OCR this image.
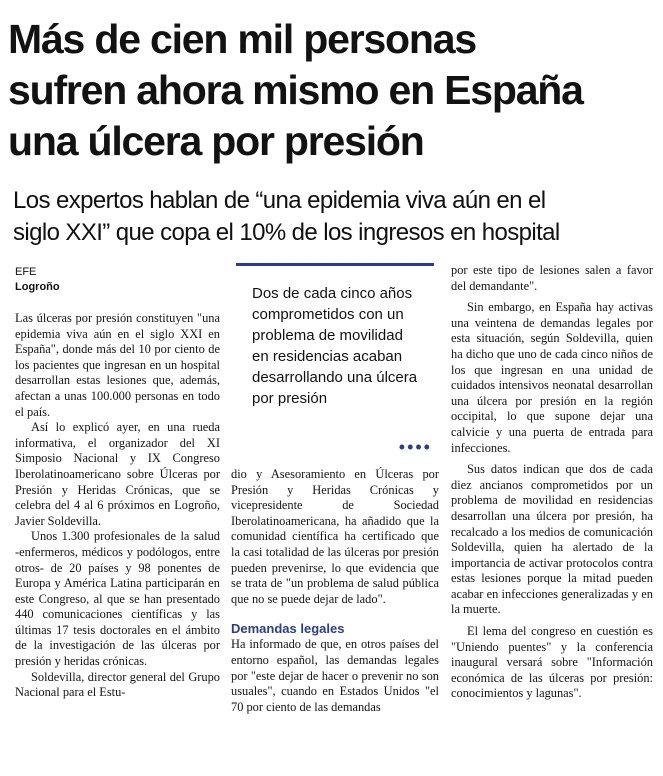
Más de cien mil personas
sufren ahora mismo en España
una úlcera por presión
Los expertos hablan de “una epidemia viva aún en el
siglo XXI” que copa el 10% de los ingresos en hospital
EFE
Logroño

Las úlceras por presión constituyen "una epidemia viva aún en el siglo XXI en España", donde más del 10 por ciento de los pacientes que ingresan en un hospital desarrollan estas lesiones que, además, afectan a unas 100.000 personas en todo el país.

Así lo explicó ayer, en una rueda informativa, el organizador del XI Simposio Nacional y IX Congreso Iberolatinoamericano sobre Úlceras por Presión y Heridas Crónicas, que se celebra del 4 al 6 próximos en Logroño, Javier Soldevilla.

Unos 1.300 profesionales de la salud -enfermeros, médicos y podólogos, entre otros- de 20 países y 98 ponentes de Europa y América Latina participarán en este Congreso, al que se han presentado 440 comunicaciones científicas y las últimas 17 tesis doctorales en el ámbito de la investigación de las úlceras por presión y heridas crónicas.

Soldevilla, director general del Grupo Nacional para el Estu-

Dos de cada cinco años
comprometidos con un
problema de movilidad
en residencias acaban
desarrollando una úlcera
por presión

••••

dio y Asesoramiento en Úlceras por Presión y Heridas Crónicas y vicepresidente de Sociedad Iberolatinoamericana, ha añadido que la comunidad científica ha certificado que la casi totalidad de las úlceras por presión pueden prevenirse, lo que evidencia que se trata de "un problema de salud pública que no se puede dejar de lado".

Demandas legales

Ha informado de que, en otros países del entorno español, las demandas legales por "este dejar de hacer o prevenir no son usuales", cuando en Estados Unidos "el 70 por ciento de las demandas

por este tipo de lesiones salen a favor del demandante".

Sin embargo, en España hay activas una veintena de demandas legales por esta situación, según Soldevilla, quien ha dicho que uno de cada cinco niños de los que ingresan en una unidad de cuidados intensivos neonatal desarrollan una úlcera por presión en la región occipital, lo que supone dejar una calvicie y una puerta de entrada para infecciones.

Sus datos indican que dos de cada diez ancianos comprometidos por un problema de movilidad en residencias desarrollan una úlcera por presión, ha recalcado a los medios de comunicación Soldevilla, quien ha alertado de la importancia de activar protocolos contra estas lesiones porque la mitad pueden acabar en infecciones generalizadas y en la muerte.

El lema del congreso en cuestión es "Uniendo puentes" y la conferencia inaugural versará sobre "Información económica de las úlceras por presión: conocimientos y lagunas".
